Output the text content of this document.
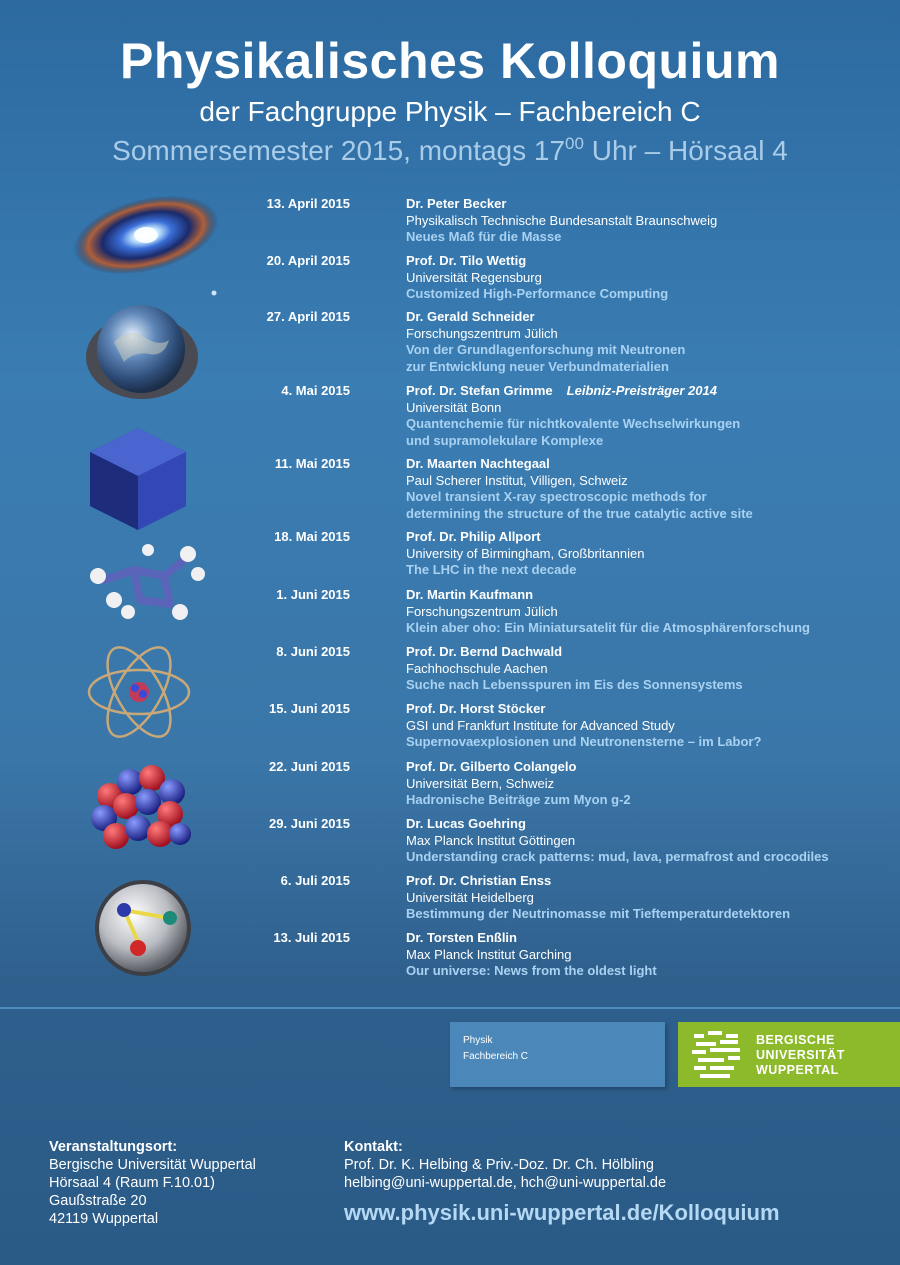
Physikalisches Kolloquium
der Fachgruppe Physik – Fachbereich C
Sommersemester 2015, montags $17^{00}$ Uhr – Hörsaal 4
13. April 2015	Dr. Peter Becker
Physikalisch Technische Bundesanstalt Braunschweig
Neues Maß für die Masse
20. April 2015	Prof. Dr. Tilo Wettig
Universität Regensburg
Customized High-Performance Computing
27. April 2015	Dr. Gerald Schneider
Forschungszentrum Jülich
Von der Grundlagenforschung mit Neutronen
zur Entwicklung neuer Verbundmaterialien
4. Mai 2015	Prof. Dr. Stefan Grimme Leibniz-Preisträger 2014
Universität Bonn
Quantenchemie für nichtkovalente Wechselwirkungen
und supramolekulare Komplexe
11. Mai 2015	Dr. Maarten Nachtegaal
Paul Scherer Institut, Villigen, Schweiz
Novel transient X-ray spectroscopic methods for
determining the structure of the true catalytic active site
18. Mai 2015	Prof. Dr. Philip Allport
University of Birmingham, Großbritannien
The LHC in the next decade
1. Juni 2015	Dr. Martin Kaufmann
Forschungszentrum Jülich
Klein aber oho: Ein Miniatursatelit für die Atmosphärenforschung
8. Juni 2015	Prof. Dr. Bernd Dachwald
Fachhochschule Aachen
Suche nach Lebensspuren im Eis des Sonnensystems
15. Juni 2015	Prof. Dr. Horst Stöcker
GSI und Frankfurt Institute for Advanced Study
Supernovaexplosionen und Neutronensterne – im Labor?
22. Juni 2015	Prof. Dr. Gilberto Colangelo
Universität Bern, Schweiz
Hadronische Beiträge zum Myon g-2
29. Juni 2015	Dr. Lucas Goehring
Max Planck Institut Göttingen
Understanding crack patterns: mud, lava, permafrost and crocodiles
6. Juli 2015	Prof. Dr. Christian Enss
Universität Heidelberg
Bestimmung der Neutrinomasse mit Tieftemperaturdetektoren
13. Juli 2015	Dr. Torsten Enßlin
Max Planck Institut Garching
Our universe: News from the oldest light
Physik
Fachbereich C
BERGISCHE
UNIVERSITÄT
WUPPERTAL
Veranstaltungsort:
Bergische Universität Wuppertal
Hörsaal 4 (Raum F.10.01)
Gaußstraße 20
42119 Wuppertal
Kontakt:
Prof. Dr. K. Helbing & Priv.-Doz. Dr. Ch. Hölbling
helbing@uni-wuppertal.de, hch@uni-wuppertal.de
www.physik.uni-wuppertal.de/Kolloquium
